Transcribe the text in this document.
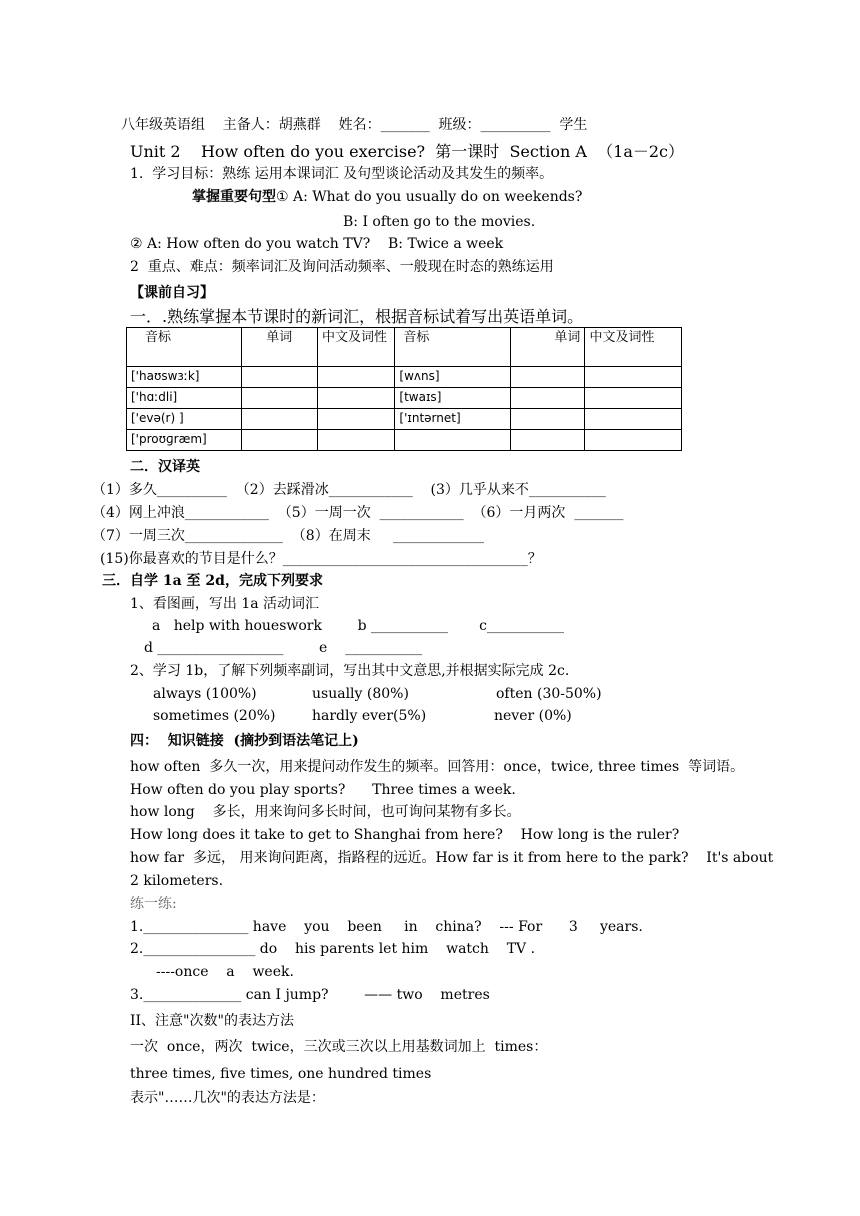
八年级英语组    主备人：胡燕群    姓名：_______  班级：__________  学生
Unit 2    How often do you exercise?  第一课时  Section A  （1a－2c）
1.  学习目标：熟练 运用本课词汇 及句型谈论活动及其发生的频率。
掌握重要句型① A: What do you usually do on weekends?
B: I often go to the movies.
② A: How often do you watch TV?    B: Twice a week
2  重点、难点：频率词汇及询问活动频率、一般现在时态的熟练运用
【课前自习】
一．.熟练掌握本节课时的新词汇，根据音标试着写出英语单词。
音标	单词	中文及词性	音标	单词	中文及词性
['haʊswɜːk]			[wʌns]		
['hɑːdli]			[twaɪs]		
['evə(r) ]			['ɪntərnet]		
['proʊɡræm]					
二．汉译英
（1）多久__________  （2）去踩滑冰____________    (3）几乎从来不___________
（4）网上冲浪____________  （5）一周一次  ____________  （6）一月两次  _______
（7）一周三次______________  （8）在周末     _____________
(15)你最喜欢的节目是什么？___________________________________？
三．自学 1a 至 2d，完成下列要求
1、看图画，写出 1a 活动词汇
a   help with houeswork        b ___________       c___________
d __________________        e    ___________
2、学习 1b，了解下列频率副词，写出其中文意思,并根据实际完成 2c.
always (100%)	usually (80%)	often (30-50%)
sometimes (20%)	hardly ever(5%)	never (0%)
四：  知识链接  (摘抄到语法笔记上)
how often  多久一次，用来提问动作发生的频率。回答用：once，twice, three times  等词语。
How often do you play sports?      Three times a week.
how long    多长，用来询问多长时间，也可询问某物有多长。
How long does it take to get to Shanghai from here?    How long is the ruler?
how far  多远， 用来询问距离，指路程的远近。How far is it from here to the park?    It's about
2 kilometers.
练一练:
1._______________ have    you    been     in    china?    --- For      3     years.
2.________________ do    his parents let him    watch    TV .
----once    a    week.
3.______________ can I jump?        —— two    metres
II、注意"次数"的表达方法
一次  once，两次  twice，三次或三次以上用基数词加上  times：
three times, five times, one hundred times
表示"……几次"的表达方法是：
